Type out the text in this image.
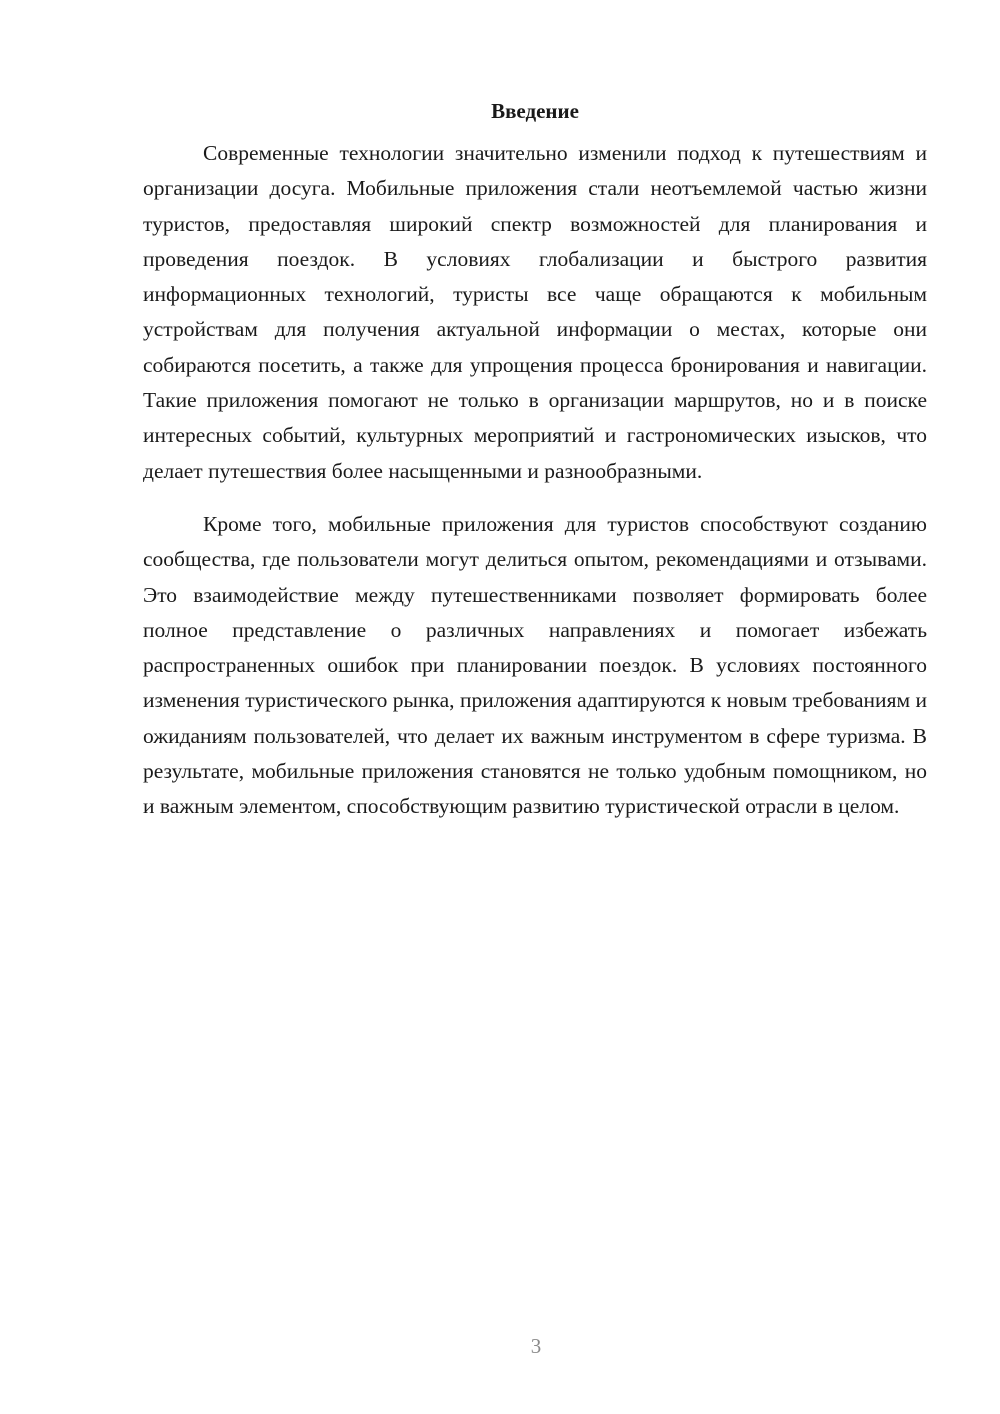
Введение

Современные технологии значительно изменили подход к путешествиям и организации досуга. Мобильные приложения стали неотъемлемой частью жизни туристов, предоставляя широкий спектр возможностей для планирования и проведения поездок. В условиях глобализации и быстрого развития информационных технологий, туристы все чаще обращаются к мобильным устройствам для получения актуальной информации о местах, которые они собираются посетить, а также для упрощения процесса бронирования и навигации. Такие приложения помогают не только в организации маршрутов, но и в поиске интересных событий, культурных мероприятий и гастрономических изысков, что делает путешествия более насыщенными и разнообразными.

Кроме того, мобильные приложения для туристов способствуют созданию сообщества, где пользователи могут делиться опытом, рекомендациями и отзывами. Это взаимодействие между путешественниками позволяет формировать более полное представление о различных направлениях и помогает избежать распространенных ошибок при планировании поездок. В условиях постоянного изменения туристического рынка, приложения адаптируются к новым требованиям и ожиданиям пользователей, что делает их важным инструментом в сфере туризма. В результате, мобильные приложения становятся не только удобным помощником, но и важным элементом, способствующим развитию туристической отрасли в целом.

3
